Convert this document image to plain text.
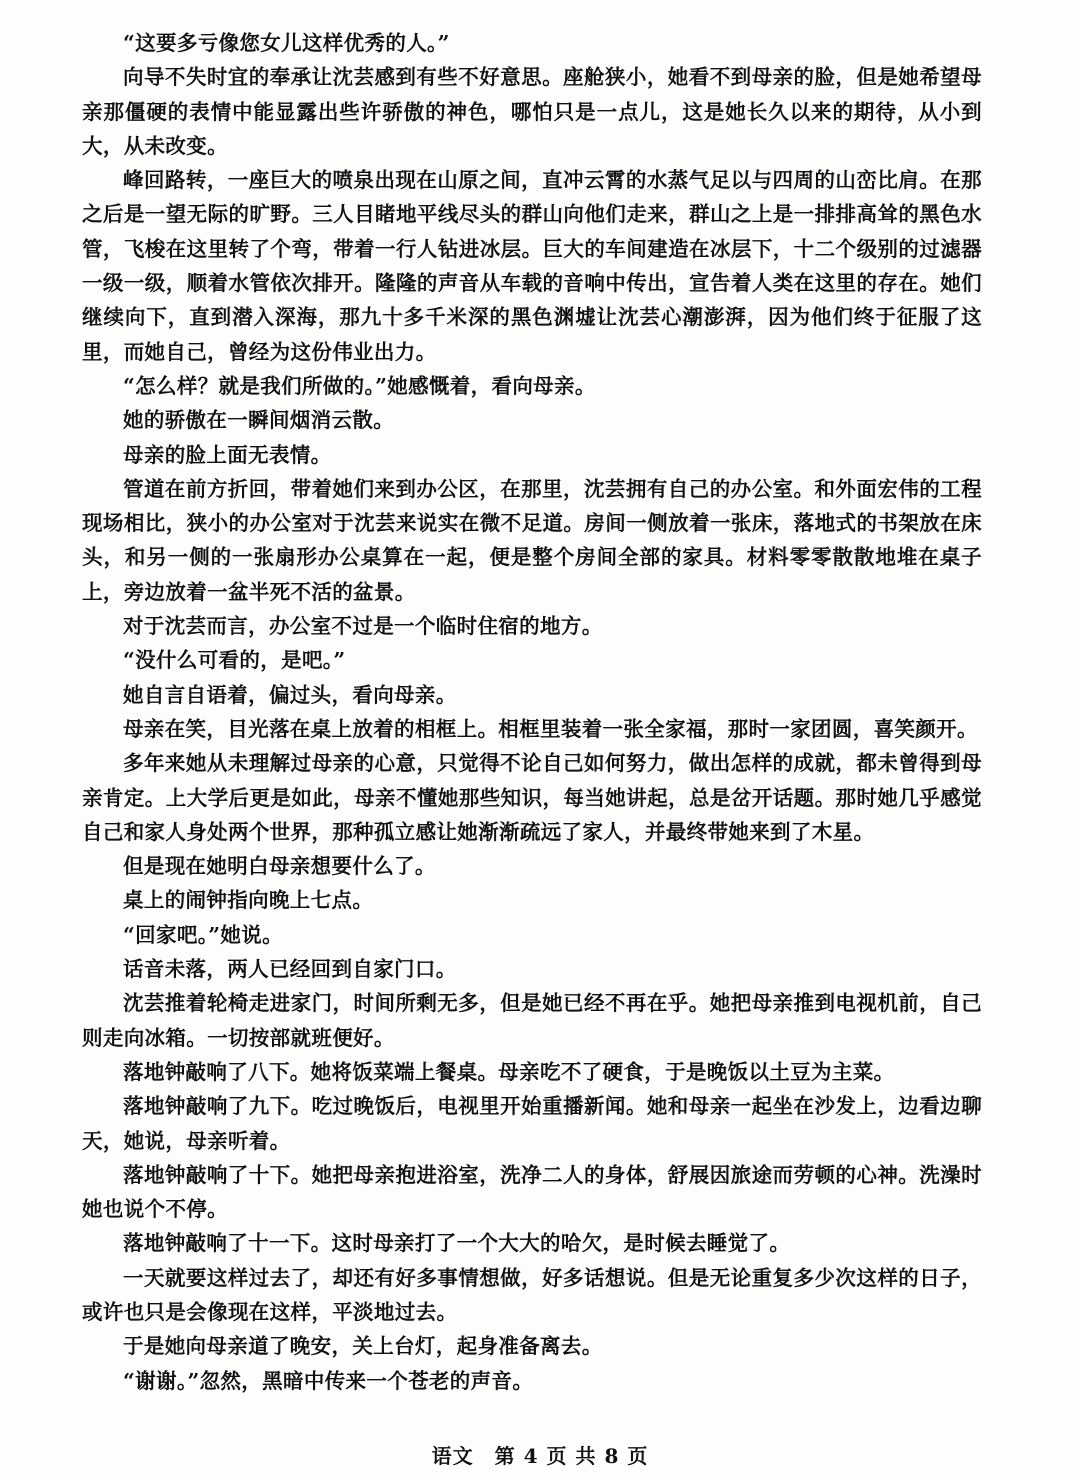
“这要多亏像您女儿这样优秀的人。”

向导不失时宜的奉承让沈芸感到有些不好意思。座舱狭小，她看不到母亲的脸，但是她希望母亲那僵硬的表情中能显露出些许骄傲的神色，哪怕只是一点儿，这是她长久以来的期待，从小到大，从未改变。

峰回路转，一座巨大的喷泉出现在山原之间，直冲云霄的水蒸气足以与四周的山峦比肩。在那之后是一望无际的旷野。三人目睹地平线尽头的群山向他们走来，群山之上是一排排高耸的黑色水管，飞梭在这里转了个弯，带着一行人钻进冰层。巨大的车间建造在冰层下，十二个级别的过滤器一级一级，顺着水管依次排开。隆隆的声音从车载的音响中传出，宣告着人类在这里的存在。她们继续向下，直到潜入深海，那九十多千米深的黑色渊墟让沈芸心潮澎湃，因为他们终于征服了这里，而她自己，曾经为这份伟业出力。

“怎么样？就是我们所做的。”她感慨着，看向母亲。

她的骄傲在一瞬间烟消云散。

母亲的脸上面无表情。

管道在前方折回，带着她们来到办公区，在那里，沈芸拥有自己的办公室。和外面宏伟的工程现场相比，狭小的办公室对于沈芸来说实在微不足道。房间一侧放着一张床，落地式的书架放在床头，和另一侧的一张扇形办公桌算在一起，便是整个房间全部的家具。材料零零散散地堆在桌子上，旁边放着一盆半死不活的盆景。

对于沈芸而言，办公室不过是一个临时住宿的地方。

“没什么可看的，是吧。”

她自言自语着，偏过头，看向母亲。

母亲在笑，目光落在桌上放着的相框上。相框里装着一张全家福，那时一家团圆，喜笑颜开。

多年来她从未理解过母亲的心意，只觉得不论自己如何努力，做出怎样的成就，都未曾得到母亲肯定。上大学后更是如此，母亲不懂她那些知识，每当她讲起，总是岔开话题。那时她几乎感觉自己和家人身处两个世界，那种孤立感让她渐渐疏远了家人，并最终带她来到了木星。

但是现在她明白母亲想要什么了。

桌上的闹钟指向晚上七点。

“回家吧。”她说。

话音未落，两人已经回到自家门口。

沈芸推着轮椅走进家门，时间所剩无多，但是她已经不再在乎。她把母亲推到电视机前，自己则走向冰箱。一切按部就班便好。

落地钟敲响了八下。她将饭菜端上餐桌。母亲吃不了硬食，于是晚饭以土豆为主菜。

落地钟敲响了九下。吃过晚饭后，电视里开始重播新闻。她和母亲一起坐在沙发上，边看边聊天，她说，母亲听着。

落地钟敲响了十下。她把母亲抱进浴室，洗净二人的身体，舒展因旅途而劳顿的心神。洗澡时她也说个不停。

落地钟敲响了十一下。这时母亲打了一个大大的哈欠，是时候去睡觉了。

一天就要这样过去了，却还有好多事情想做，好多话想说。但是无论重复多少次这样的日子，或许也只是会像现在这样，平淡地过去。

于是她向母亲道了晚安，关上台灯，起身准备离去。

“谢谢。”忽然，黑暗中传来一个苍老的声音。

语文　第 4 页 共 8 页
